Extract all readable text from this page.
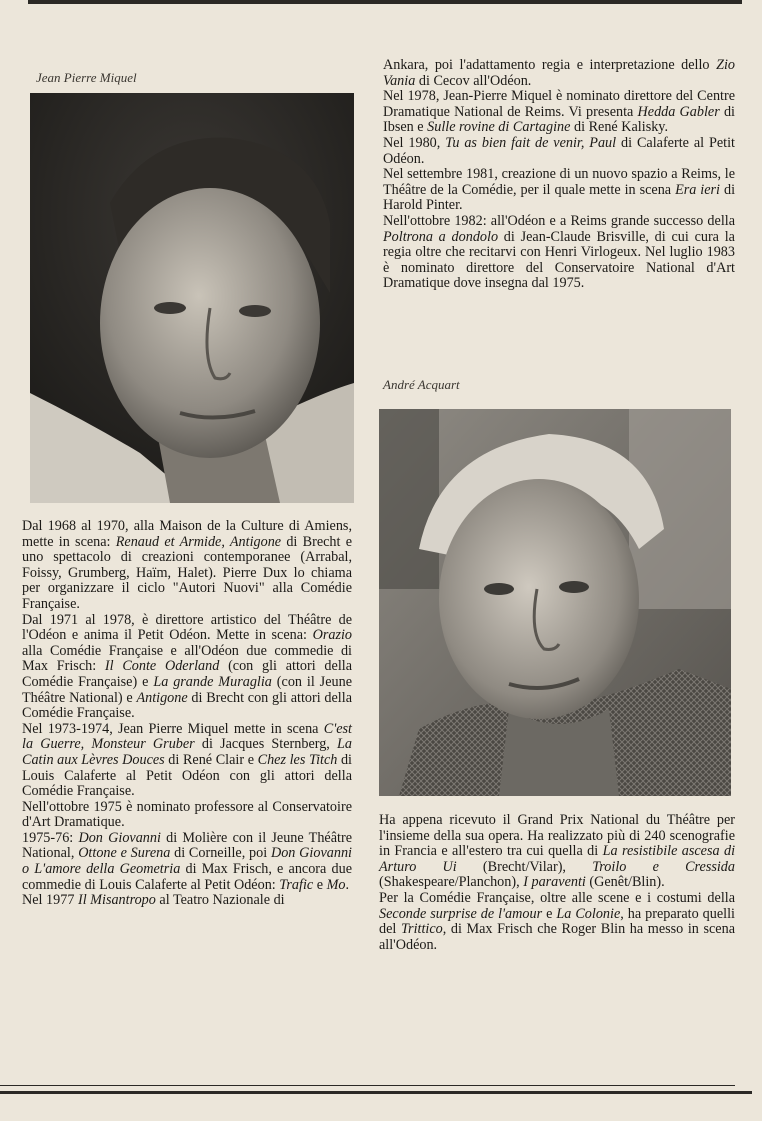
Jean Pierre Miquel

Dal 1968 al 1970, alla Maison de la Culture di Amiens, mette in scena: Renaud et Armide, Antigone di Brecht e uno spettacolo di creazioni contemporanee (Arrabal, Foissy, Grumberg, Haïm, Halet). Pierre Dux lo chiama per organizzare il ciclo "Autori Nuovi" alla Comédie Française.

Dal 1971 al 1978, è direttore artistico del Théâtre de l'Odéon e anima il Petit Odéon. Mette in scena: Orazio alla Comédie Française e all'Odéon due commedie di Max Frisch: Il Conte Oderland (con gli attori della Comédie Française) e La grande Muraglia (con il Jeune Théâtre National) e Antigone di Brecht con gli attori della Comédie Française.

Nel 1973-1974, Jean Pierre Miquel mette in scena C'est la Guerre, Monsteur Gruber di Jacques Sternberg, La Catin aux Lèvres Douces di René Clair e Chez les Titch di Louis Calaferte al Petit Odéon con gli attori della Comédie Française.

Nell'ottobre 1975 è nominato professore al Conservatoire d'Art Dramatique.

1975-76: Don Giovanni di Molière con il Jeune Théâtre National, Ottone e Surena di Corneille, poi Don Giovanni o L'amore della Geometria di Max Frisch, e ancora due commedie di Louis Calaferte al Petit Odéon: Trafic e Mo.

Nel 1977 Il Misantropo al Teatro Nazionale di

Ankara, poi l'adattamento regia e interpretazione dello Zio Vania di Cecov all'Odéon.

Nel 1978, Jean-Pierre Miquel è nominato direttore del Centre Dramatique National de Reims. Vi presenta Hedda Gabler di Ibsen e Sulle rovine di Cartagine di René Kalisky.

Nel 1980, Tu as bien fait de venir, Paul di Calaferte al Petit Odéon.

Nel settembre 1981, creazione di un nuovo spazio a Reims, le Théâtre de la Comédie, per il quale mette in scena Era ieri di Harold Pinter.

Nell'ottobre 1982: all'Odéon e a Reims grande successo della Poltrona a dondolo di Jean-Claude Brisville, di cui cura la regia oltre che recitarvi con Henri Virlogeux. Nel luglio 1983 è nominato direttore del Conservatoire National d'Art Dramatique dove insegna dal 1975.

André Acquart

Ha appena ricevuto il Grand Prix National du Théâtre per l'insieme della sua opera. Ha realizzato più di 240 scenografie in Francia e all'estero tra cui quella di La resistibile ascesa di Arturo Ui (Brecht/Vilar), Troilo e Cressida (Shakespeare/Planchon), I paraventi (Genêt/Blin).

Per la Comédie Française, oltre alle scene e i costumi della Seconde surprise de l'amour e La Colonie, ha preparato quelli del Trittico, di Max Frisch che Roger Blin ha messo in scena all'Odéon.
